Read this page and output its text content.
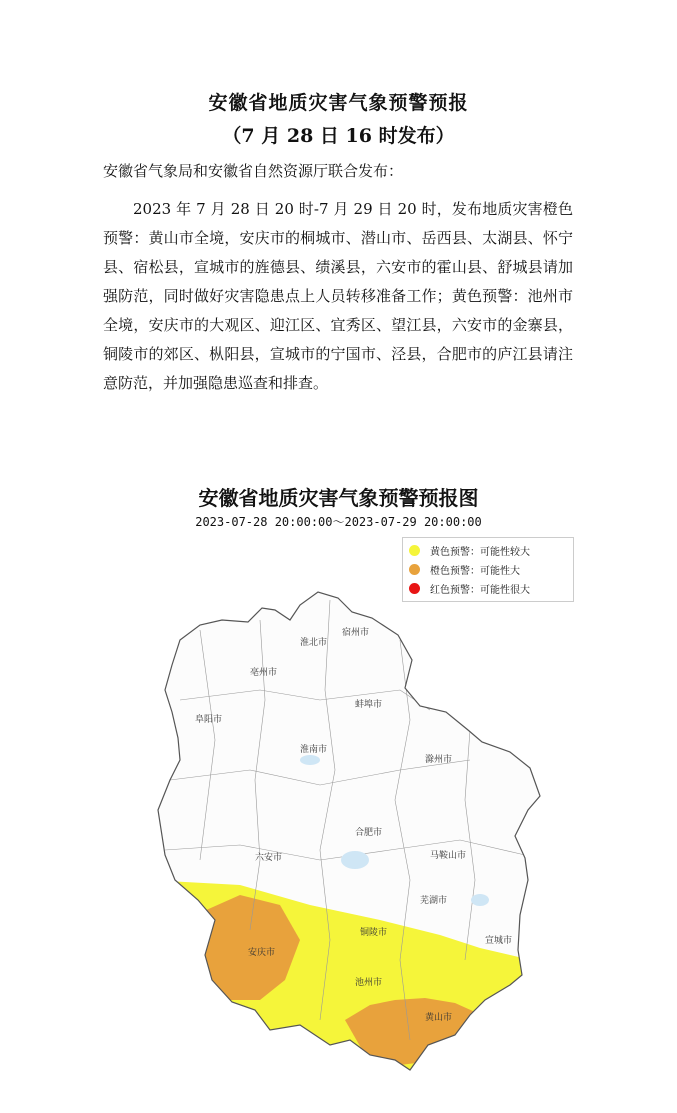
安徽省地质灾害气象预警预报
（7 月 28 日 16 时发布）
安徽省气象局和安徽省自然资源厅联合发布：
2023 年 7 月 28 日 20 时-7 月 29 日 20 时，发布地质灾害橙色预警：黄山市全境，安庆市的桐城市、潜山市、岳西县、太湖县、怀宁县、宿松县，宣城市的旌德县、绩溪县，六安市的霍山县、舒城县请加强防范，同时做好灾害隐患点上人员转移准备工作；黄色预警：池州市全境，安庆市的大观区、迎江区、宜秀区、望江县，六安市的金寨县，铜陵市的郊区、枞阳县，宣城市的宁国市、泾县，合肥市的庐江县请注意防范，并加强隐患巡查和排查。
宿州市
淮北市
亳州市
蚌埠市
阜阳市
淮南市
滁州市
合肥市
六安市	马鞍山市
芜湖市
铜陵市
宣城市
安庆市
池州市
黄山市
安徽省地质灾害气象预警预报图
2023-07-28 20:00:00～2023-07-29 20:00:00
黄色预警：可能性较大
橙色预警：可能性大
红色预警：可能性很大
